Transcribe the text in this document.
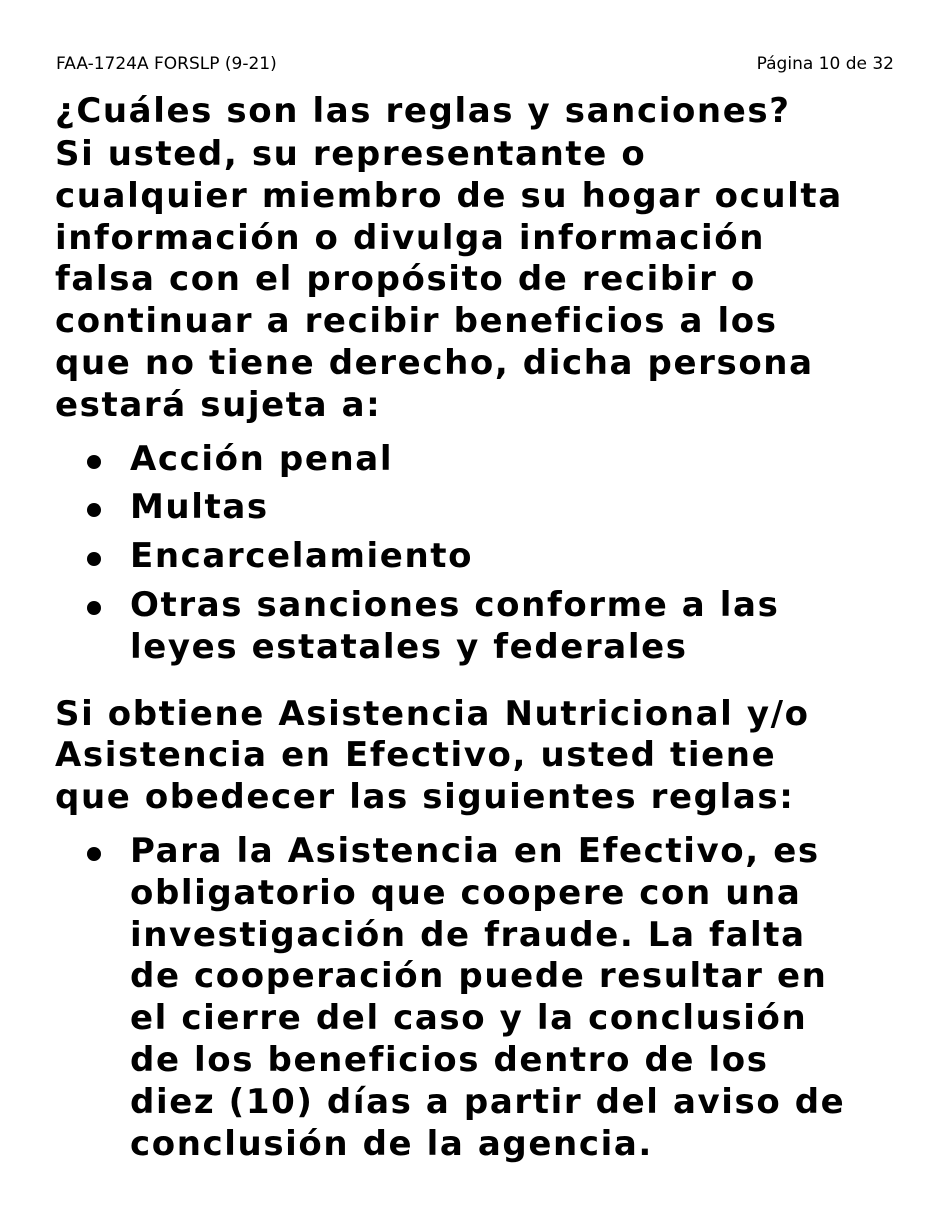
FAA-1724A FORSLP (9-21)	Página 10 de 32
¿Cuáles son las reglas y sanciones?
Si usted, su representante o
cualquier miembro de su hogar oculta
información o divulga información
falsa con el propósito de recibir o
continuar a recibir beneficios a los
que no tiene derecho, dicha persona
estará sujeta a:
Acción penal
Multas
Encarcelamiento
Otras sanciones conforme a las
leyes estatales y federales
Si obtiene Asistencia Nutricional y/o
Asistencia en Efectivo, usted tiene
que obedecer las siguientes reglas:
Para la Asistencia en Efectivo, es
obligatorio que coopere con una
investigación de fraude. La falta
de cooperación puede resultar en
el cierre del caso y la conclusión
de los beneficios dentro de los
diez (10) días a partir del aviso de
conclusión de la agencia.
